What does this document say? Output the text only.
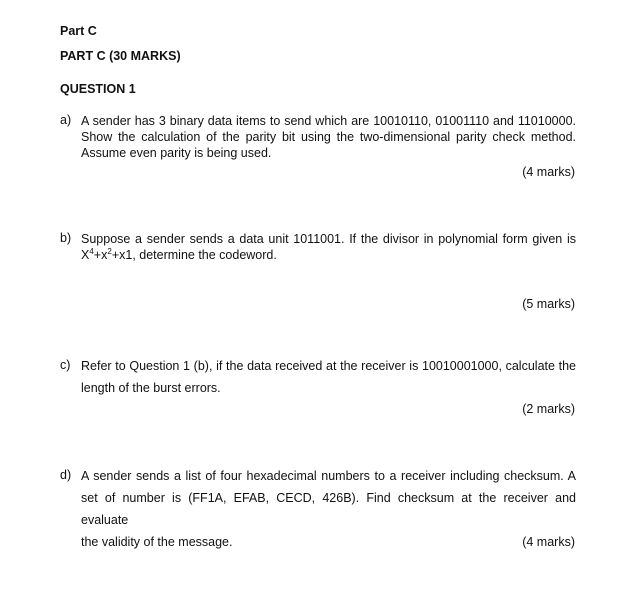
Part C
PART C (30 MARKS)
QUESTION 1
a) A sender has 3 binary data items to send which are 10010110, 01001110 and 11010000.
Show the calculation of the parity bit using the two-dimensional parity check method.
Assume even parity is being used.
(4 marks)
b) Suppose a sender sends a data unit 1011001. If the divisor in polynomial form given is
$X^4+x^2+x1$, determine the codeword.
(5 marks)
c) Refer to Question 1 (b), if the data received at the receiver is 10010001000, calculate the
length of the burst errors.
(2 marks)
d) A sender sends a list of four hexadecimal numbers to a receiver including checksum. A
set of number is (FF1A, EFAB, CECD, 426B). Find checksum at the receiver and evaluate
the validity of the message.	(4 marks)
